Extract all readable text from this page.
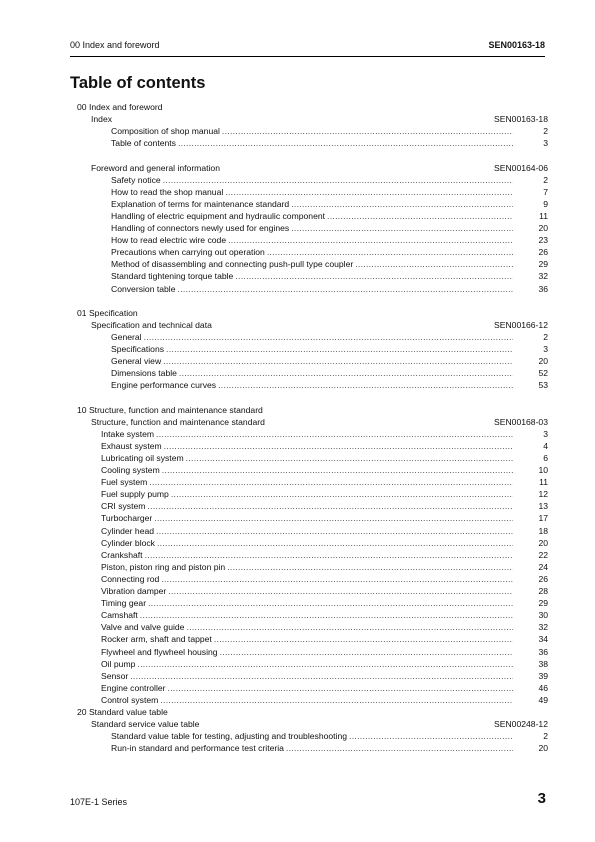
00 Index and foreword	SEN00163-18
Table of contents
00 Index and foreword
Index	SEN00163-18
Composition of shop manual .....	2
Table of contents .....	3
Foreword and general information	SEN00164-06
Safety notice .....	2
How to read the shop manual .....	7
Explanation of terms for maintenance standard .....	9
Handling of electric equipment and hydraulic component .....	11
Handling of connectors newly used for engines .....	20
How to read electric wire code .....	23
Precautions when carrying out operation .....	26
Method of disassembling and connecting push-pull type coupler .....	29
Standard tightening torque table .....	32
Conversion table .....	36
01 Specification
Specification and technical data	SEN00166-12
General .....	2
Specifications .....	3
General view .....	20
Dimensions table .....	52
Engine performance curves .....	53
10 Structure, function and maintenance standard
Structure, function and maintenance standard	SEN00168-03
Intake system .....	3
Exhaust system .....	4
Lubricating oil system .....	6
Cooling system .....	10
Fuel system .....	11
Fuel supply pump .....	12
CRI system .....	13
Turbocharger .....	17
Cylinder head .....	18
Cylinder block .....	20
Crankshaft .....	22
Piston, piston ring and piston pin .....	24
Connecting rod .....	26
Vibration damper .....	28
Timing gear .....	29
Camshaft .....	30
Valve and valve guide .....	32
Rocker arm, shaft and tappet .....	34
Flywheel and flywheel housing .....	36
Oil pump .....	38
Sensor .....	39
Engine controller .....	46
Control system .....	49
20 Standard value table
Standard service value table	SEN00248-12
Standard value table for testing, adjusting and troubleshooting .....	2
Run-in standard and performance test criteria .....	20
107E-1 Series	3
